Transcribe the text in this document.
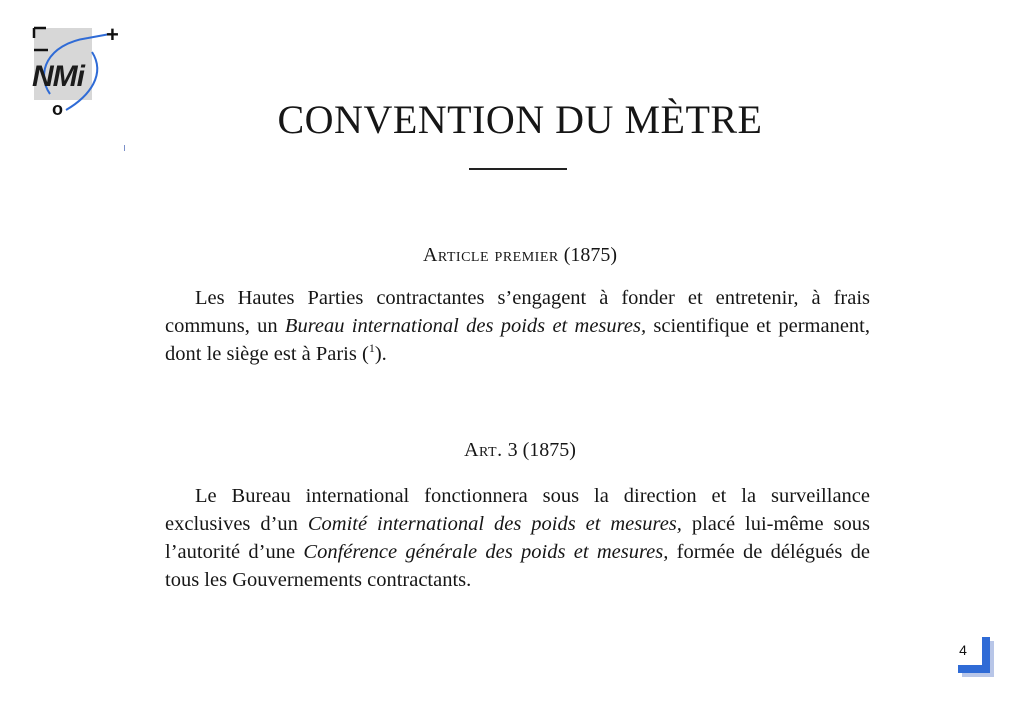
NMi
+
o	CONVENTION DU MÈTRE
Article premier (1875)

Les Hautes Parties contractantes s’engagent à fonder et entretenir, à frais communs, un Bureau international des poids et mesures, scientifique et permanent, dont le siège est à Paris ($^1$).

Art. 3 (1875)

Le Bureau international fonctionnera sous la direction et la surveillance exclusives d’un Comité international des poids et mesures, placé lui-même sous l’autorité d’une Conférence générale des poids et mesures, formée de délégués de tous les Gouvernements contractants.

4
